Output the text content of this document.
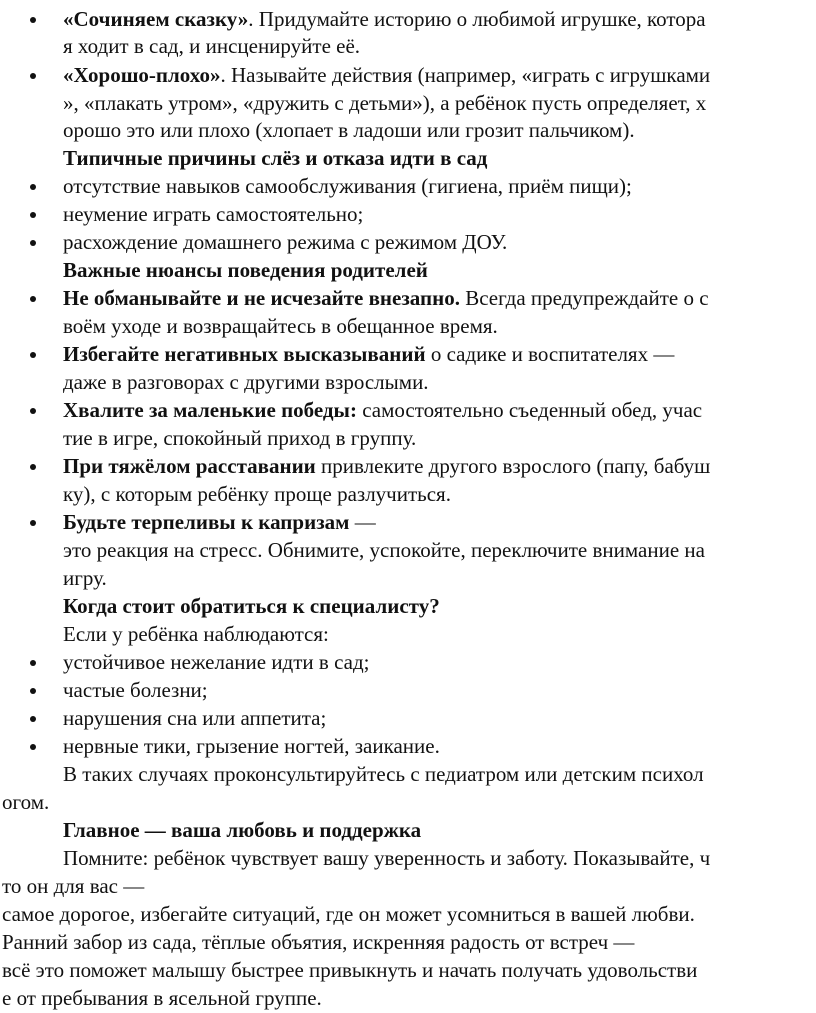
«Сочиняем сказку». Придумайте историю о любимой игрушке, котора
я ходит в сад, и инсценируйте её.
«Хорошо-плохо». Называйте действия (например, «играть с игрушками
», «плакать утром», «дружить с детьми»), а ребёнок пусть определяет, х
орошо это или плохо (хлопает в ладоши или грозит пальчиком).
Типичные причины слёз и отказа идти в сад
отсутствие навыков самообслуживания (гигиена, приём пищи);
неумение играть самостоятельно;
расхождение домашнего режима с режимом ДОУ.
Важные нюансы поведения родителей
Не обманывайте и не исчезайте внезапно. Всегда предупреждайте о с
воём уходе и возвращайтесь в обещанное время.
Избегайте негативных высказываний о садике и воспитателях —
даже в разговорах с другими взрослыми.
Хвалите за маленькие победы: самостоятельно съеденный обед, учас
тие в игре, спокойный приход в группу.
При тяжёлом расставании привлеките другого взрослого (папу, бабуш
ку), с которым ребёнку проще разлучиться.
Будьте терпеливы к капризам —
это реакция на стресс. Обнимите, успокойте, переключите внимание на
игру.
Когда стоит обратиться к специалисту?
Если у ребёнка наблюдаются:
устойчивое нежелание идти в сад;
частые болезни;
нарушения сна или аппетита;
нервные тики, грызение ногтей, заикание.
В таких случаях проконсультируйтесь с педиатром или детским психол
огом.
Главное — ваша любовь и поддержка
Помните: ребёнок чувствует вашу уверенность и заботу. Показывайте, ч
то он для вас —
самое дорогое, избегайте ситуаций, где он может усомниться в вашей любви.
Ранний забор из сада, тёплые объятия, искренняя радость от встреч —
всё это поможет малышу быстрее привыкнуть и начать получать удовольстви
е от пребывания в ясельной группе.
